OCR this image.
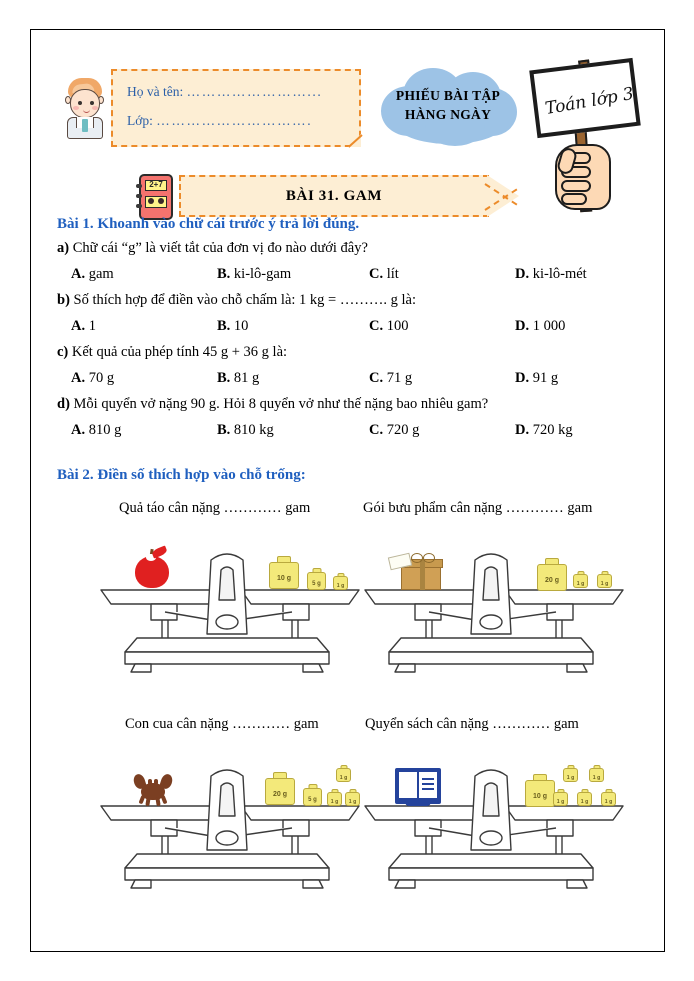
Họ và tên: ……………………...
Lớp: ………………………….
PHIẾU BÀI TẬP
HÀNG NGÀY	Toán lớp 3
2+7
BÀI 31. GAM
Bài 1. Khoanh vào chữ cái trước ý trả lời đúng.
a) Chữ cái “g” là viết tắt của đơn vị đo nào dưới đây?
A. gam	B. ki-lô-gam	C. lít	D. ki-lô-mét
b) Số thích hợp để điền vào chỗ chấm là: 1 kg = ………. g là:
A. 1	B. 10	C. 100	D. 1 000
c) Kết quả của phép tính 45 g + 36 g là:
A. 70 g	B. 81 g	C. 71 g	D. 91 g
d) Mỗi quyển vở nặng 90 g. Hỏi 8 quyển vở như thế nặng bao nhiêu gam?
A. 810 g	B. 810 kg	C. 720 g	D. 720 kg
Bài 2. Điền số thích hợp vào chỗ trống:
Quả táo cân nặng ………… gam	Gói bưu phẩm cân nặng ………… gam
Con cua cân nặng ………… gam	Quyển sách cân nặng ………… gam
10 g
5 g	1 g
20 g	1 g	1 g
20 g
5 g	1 g	1 g
1 g
10 g
1 g	1 g
1 g	1 g	1 g
